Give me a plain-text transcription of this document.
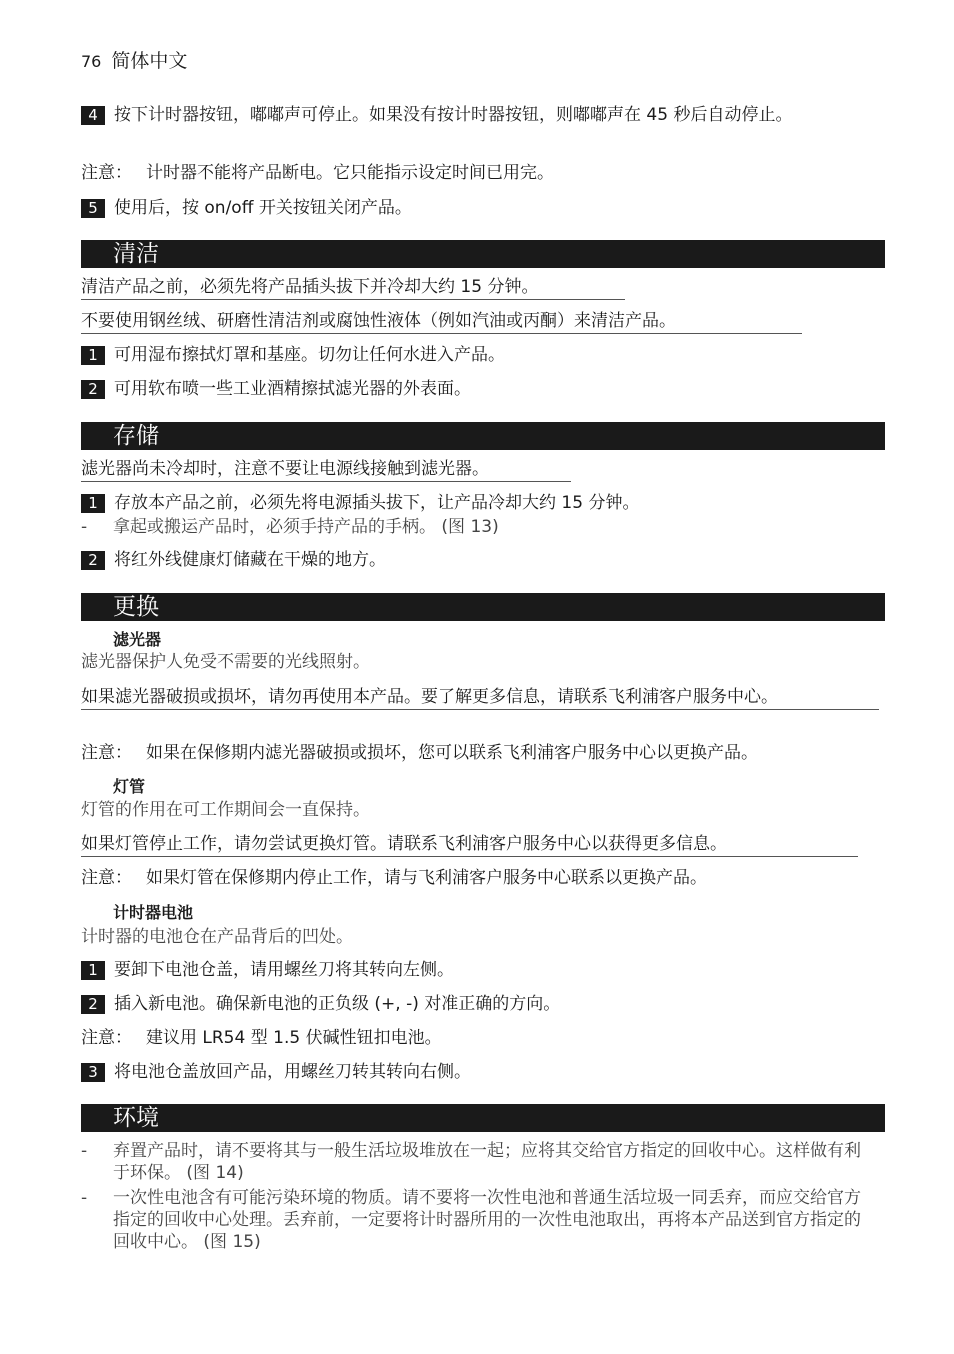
76 简体中文
4 按下计时器按钮，嘟嘟声可停止。如果没有按计时器按钮，则嘟嘟声在 45 秒后自动停止。
注意： 计时器不能将产品断电。它只能指示设定时间已用完。
5 使用后，按 on/off 开关按钮关闭产品。
清洁
清洁产品之前，必须先将产品插头拔下并冷却大约 15 分钟。
不要使用钢丝绒、研磨性清洁剂或腐蚀性液体（例如汽油或丙酮）来清洁产品。
1 可用湿布擦拭灯罩和基座。切勿让任何水进入产品。
2 可用软布喷一些工业酒精擦拭滤光器的外表面。
存储
滤光器尚未冷却时，注意不要让电源线接触到滤光器。
1 存放本产品之前，必须先将电源插头拔下，让产品冷却大约 15 分钟。
-	拿起或搬运产品时，必须手持产品的手柄。 (图 13)
2 将红外线健康灯储藏在干燥的地方。
更换
滤光器
滤光器保护人免受不需要的光线照射。
如果滤光器破损或损坏，请勿再使用本产品。要了解更多信息，请联系飞利浦客户服务中心。
注意： 如果在保修期内滤光器破损或损坏，您可以联系飞利浦客户服务中心以更换产品。
灯管
灯管的作用在可工作期间会一直保持。
如果灯管停止工作，请勿尝试更换灯管。请联系飞利浦客户服务中心以获得更多信息。
注意： 如果灯管在保修期内停止工作，请与飞利浦客户服务中心联系以更换产品。
计时器电池
计时器的电池仓在产品背后的凹处。
1 要卸下电池仓盖，请用螺丝刀将其转向左侧。
2 插入新电池。确保新电池的正负级 (+, -) 对准正确的方向。
注意： 建议用 LR54 型 1.5 伏碱性钮扣电池。
3 将电池仓盖放回产品，用螺丝刀转其转向右侧。
环境
-	弃置产品时，请不要将其与一般生活垃圾堆放在一起；应将其交给官方指定的回收中心。这样做有利于环保。 (图 14)
-	一次性电池含有可能污染环境的物质。请不要将一次性电池和普通生活垃圾一同丢弃，而应交给官方指定的回收中心处理。丢弃前，一定要将计时器所用的一次性电池取出，再将本产品送到官方指定的回收中心。 (图 15)
